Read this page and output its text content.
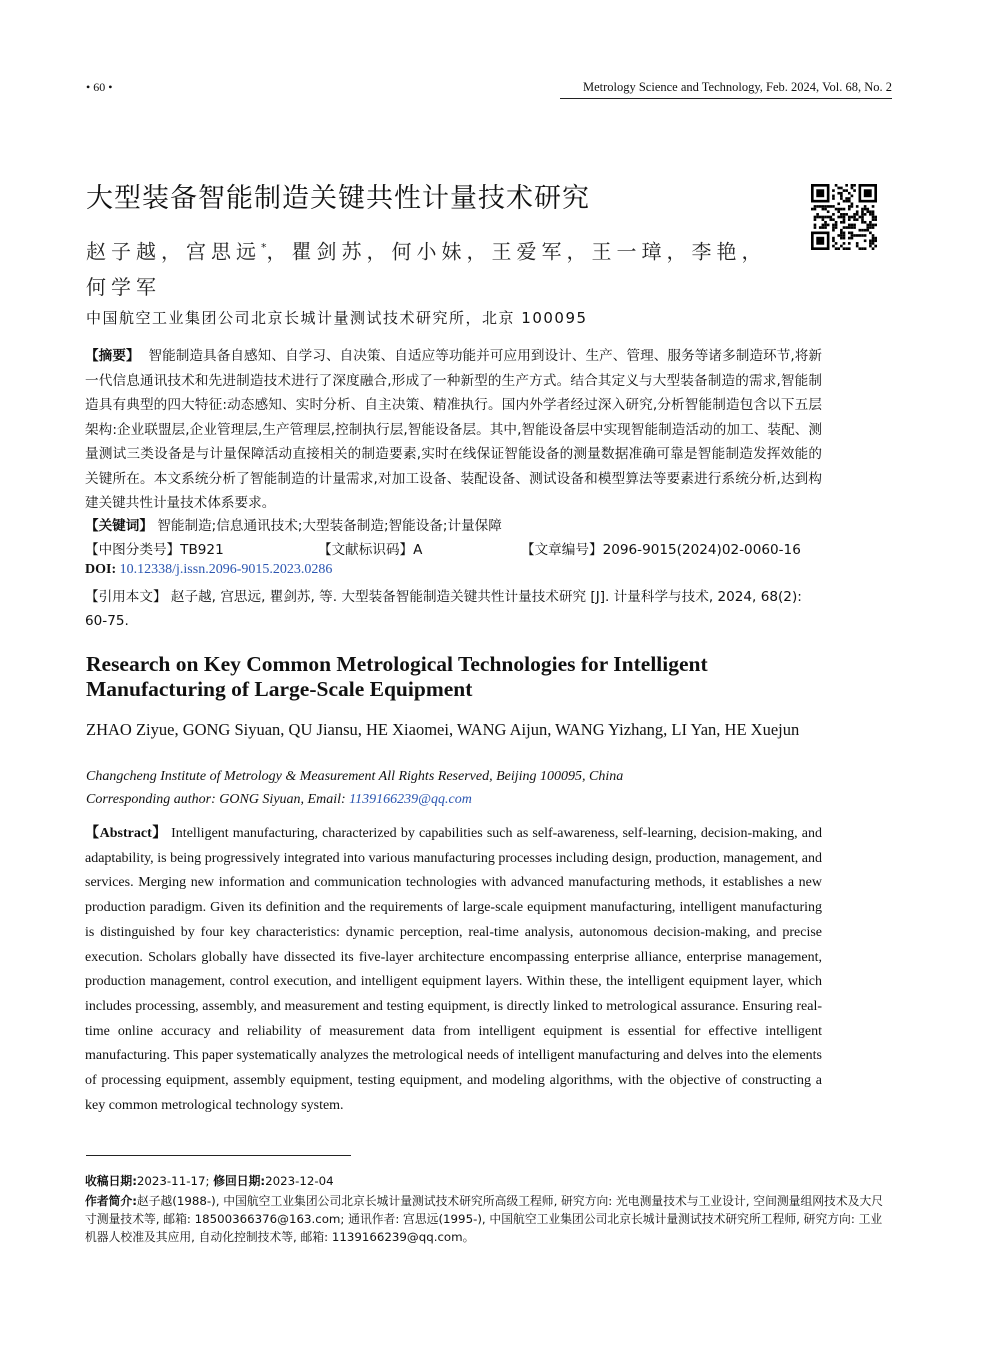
• 60 •	Metrology Science and Technology, Feb. 2024, Vol. 68, No. 2
大型装备智能制造关键共性计量技术研究
赵子越，宫思远*，瞿剑苏，何小妹，王爱军，王一璋，李艳，
何学军
中国航空工业集团公司北京长城计量测试技术研究所，北京 100095
【摘要】 智能制造具备自感知、自学习、自决策、自适应等功能并可应用到设计、生产、管理、服务等诸多制造环节,将新一代信息通讯技术和先进制造技术进行了深度融合,形成了一种新型的生产方式。结合其定义与大型装备制造的需求,智能制造具有典型的四大特征:动态感知、实时分析、自主决策、精准执行。国内外学者经过深入研究,分析智能制造包含以下五层架构:企业联盟层,企业管理层,生产管理层,控制执行层,智能设备层。其中,智能设备层中实现智能制造活动的加工、装配、测量测试三类设备是与计量保障活动直接相关的制造要素,实时在线保证智能设备的测量数据准确可靠是智能制造发挥效能的关键所在。本文系统分析了智能制造的计量需求,对加工设备、装配设备、测试设备和模型算法等要素进行系统分析,达到构建关键共性计量技术体系要求。
【关键词】 智能制造;信息通讯技术;大型装备制造;智能设备;计量保障
【中图分类号】TB921	【文献标识码】A	【文章编号】2096-9015(2024)02-0060-16
DOI: 10.12338/j.issn.2096-9015.2023.0286
【引用本文】 赵子越, 宫思远, 瞿剑苏, 等. 大型装备智能制造关键共性计量技术研究 [J]. 计量科学与技术, 2024, 68(2): 60-75.
Research on Key Common Metrological Technologies for Intelligent Manufacturing of Large-Scale Equipment
ZHAO Ziyue, GONG Siyuan, QU Jiansu, HE Xiaomei, WANG Aijun, WANG Yizhang, LI Yan, HE Xuejun
Changcheng Institute of Metrology & Measurement All Rights Reserved, Beijing 100095, China
Corresponding author: GONG Siyuan, Email: 1139166239@qq.com
【Abstract】 Intelligent manufacturing, characterized by capabilities such as self-awareness, self-learning, decision-making, and adaptability, is being progressively integrated into various manufacturing processes including design, production, management, and services. Merging new information and communication technologies with advanced manufacturing methods, it establishes a new production paradigm. Given its definition and the requirements of large-scale equipment manufacturing, intelligent manufacturing is distinguished by four key characteristics: dynamic perception, real-time analysis, autonomous decision-making, and precise execution. Scholars globally have dissected its five-layer architecture encompassing enterprise alliance, enterprise management, production management, control execution, and intelligent equipment layers. Within these, the intelligent equipment layer, which includes processing, assembly, and measurement and testing equipment, is directly linked to metrological assurance. Ensuring real-time online accuracy and reliability of measurement data from intelligent equipment is essential for effective intelligent manufacturing. This paper systematically analyzes the metrological needs of intelligent manufacturing and delves into the elements of processing equipment, assembly equipment, testing equipment, and modeling algorithms, with the objective of constructing a key common metrological technology system.
收稿日期:2023-11-17; 修回日期:2023-12-04
作者简介:赵子越(1988-), 中国航空工业集团公司北京长城计量测试技术研究所高级工程师, 研究方向: 光电测量技术与工业设计, 空间测量组网技术及大尺寸测量技术等, 邮箱: 18500366376@163.com; 通讯作者: 宫思远(1995-), 中国航空工业集团公司北京长城计量测试技术研究所工程师, 研究方向: 工业机器人校准及其应用, 自动化控制技术等, 邮箱: 1139166239@qq.com。
